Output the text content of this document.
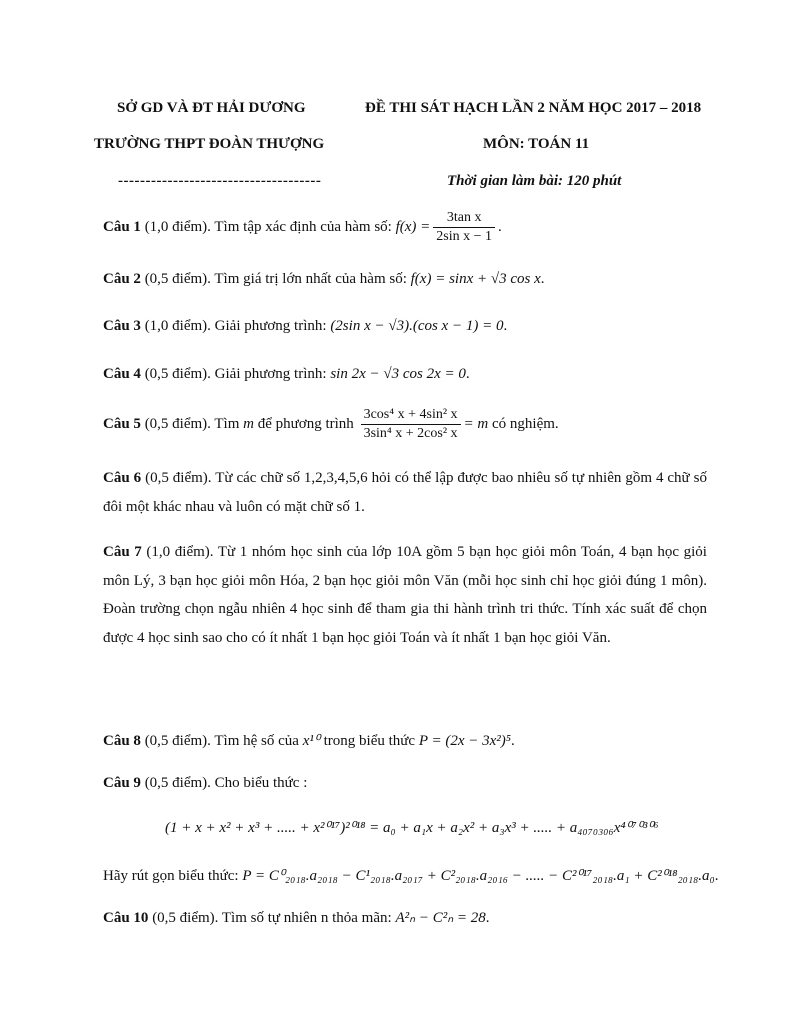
SỞ GD VÀ ĐT HẢI DƯƠNG	ĐỀ THI SÁT HẠCH LẦN 2 NĂM HỌC 2017 – 2018
TRƯỜNG THPT ĐOÀN THƯỢNG	MÔN: TOÁN 11
-------------------------------------	Thời gian làm bài: 120 phút
Câu 1 (1,0 điểm). Tìm tập xác định của hàm số: $f(x) = \frac{\text{3tan x}}{\text{2sin x − 1}}$ .
Câu 2 (0,5 điểm). Tìm giá trị lớn nhất của hàm số: f(x) = sinx + √3 cos x.
Câu 3 (1,0 điểm). Giải phương trình: (2sin x − √3).(cos x − 1) = 0.
Câu 4 (0,5 điểm). Giải phương trình: sin 2x − √3 cos 2x = 0.
Câu 5 (0,5 điểm). Tìm m để phương trình $\frac{\text{3cos⁴ x + 4sin² x}}{\text{3sin⁴ x + 2cos² x}} = m$ có nghiệm.
Câu 6 (0,5 điểm). Từ các chữ số 1,2,3,4,5,6 hỏi có thể lập được bao nhiêu số tự nhiên gồm 4 chữ số đôi một khác nhau và luôn có mặt chữ số 1.
Câu 7 (1,0 điểm). Từ 1 nhóm học sinh của lớp 10A gồm 5 bạn học giỏi môn Toán, 4 bạn học giỏi môn Lý, 3 bạn học giỏi môn Hóa, 2 bạn học giỏi môn Văn (mỗi học sinh chỉ học giỏi đúng 1 môn). Đoàn trường chọn ngẫu nhiên 4 học sinh để tham gia thi hành trình tri thức. Tính xác suất để chọn được 4 học sinh sao cho có ít nhất 1 bạn học giỏi Toán và ít nhất 1 bạn học giỏi Văn.
Câu 8 (0,5 điểm). Tìm hệ số của x¹⁰ trong biểu thức P = (2x − 3x²)⁵.
Câu 9 (0,5 điểm). Cho biểu thức :
(1 + x + x² + x³ + ..... + x²⁰¹⁷)²⁰¹⁸ = a₀ + a₁x + a₂x² + a₃x³ + ..... + a₄₀₇₀₃₀₆x⁴⁰⁷⁰³⁰⁶
Hãy rút gọn biểu thức: P = C⁰₂₀₁₈.a₂₀₁₈ − C¹₂₀₁₈.a₂₀₁₇ + C²₂₀₁₈.a₂₀₁₆ − ..... − C²⁰¹⁷₂₀₁₈.a₁ + C²⁰¹⁸₂₀₁₈.a₀.
Câu 10 (0,5 điểm). Tìm số tự nhiên n thỏa mãn: A²ₙ − C²ₙ = 28.
